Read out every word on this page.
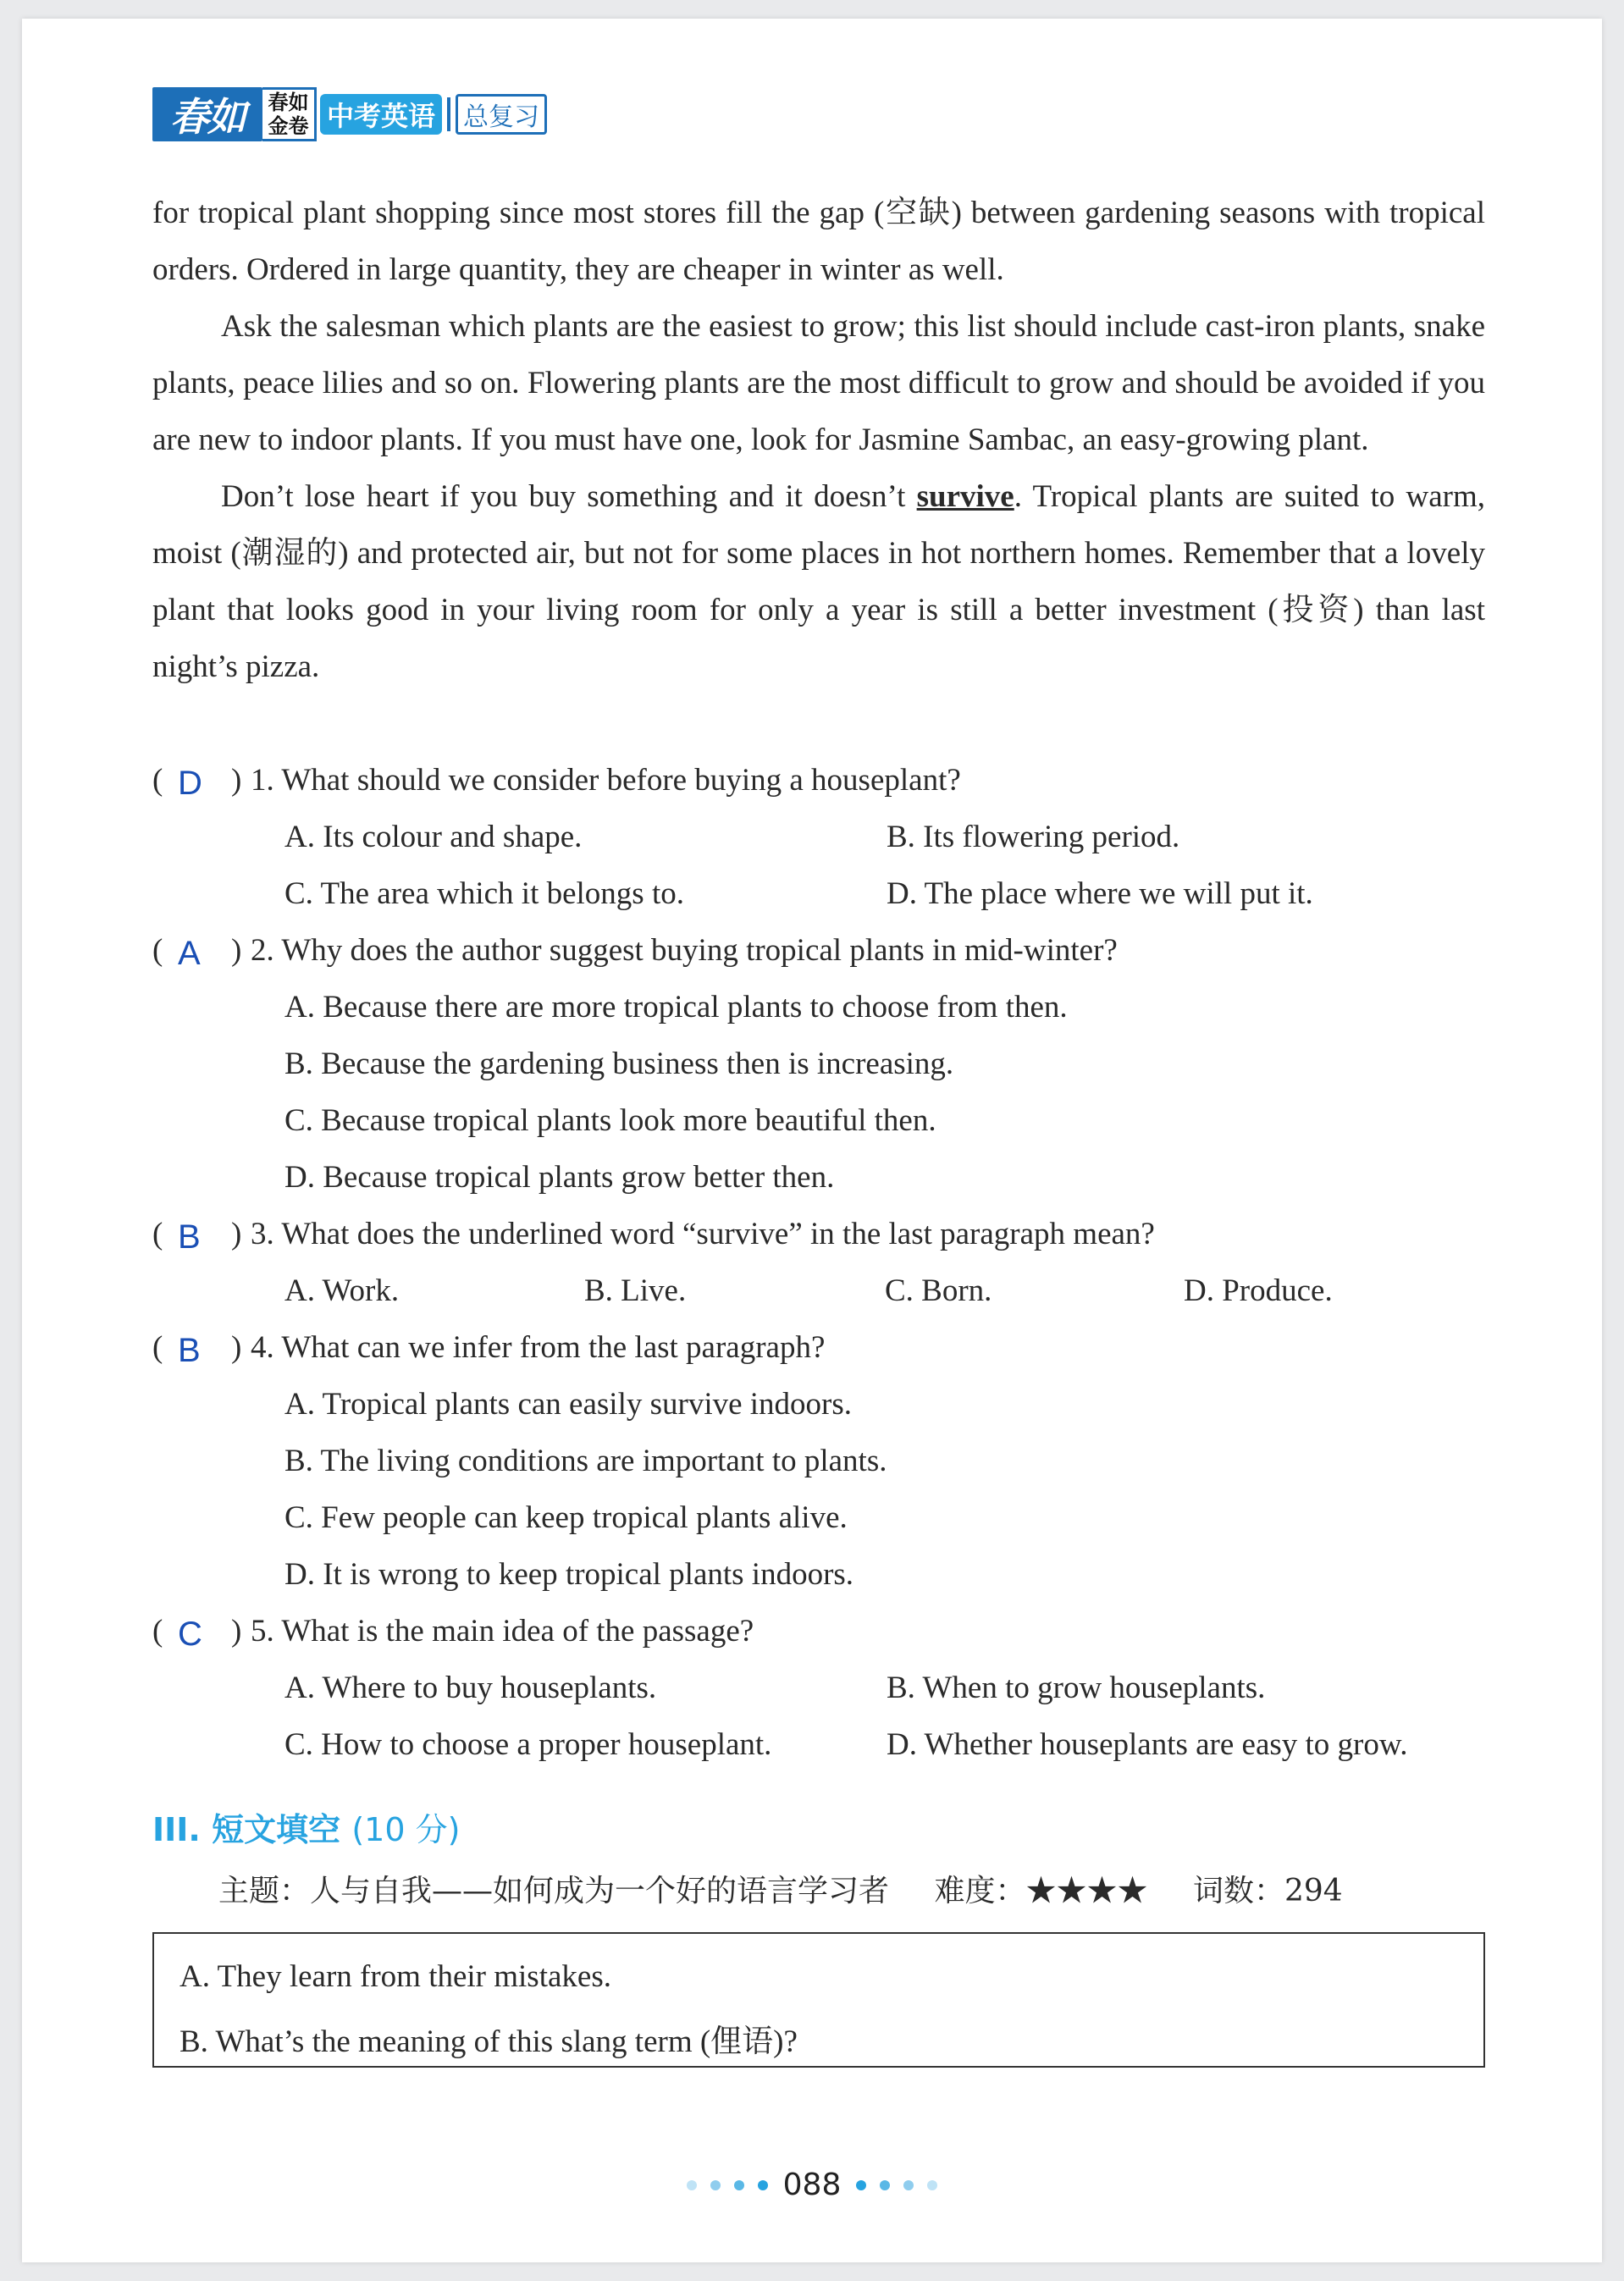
春如	春如
金卷 中考英语	总复习

for tropical plant shopping since most stores fill the gap (空缺) between gardening seasons with tropical orders. Ordered in large quantity, they are cheaper in winter as well.

Ask the salesman which plants are the easiest to grow; this list should include cast-iron plants, snake plants, peace lilies and so on. Flowering plants are the most difficult to grow and should be avoided if you are new to indoor plants. If you must have one, look for Jasmine Sambac, an easy-growing plant.

Don’t lose heart if you buy something and it doesn’t survive. Tropical plants are suited to warm, moist (潮湿的) and protected air, but not for some places in hot northern homes. Remember that a lovely plant that looks good in your living room for only a year is still a better investment (投资) than last night’s pizza.

( D ) 1. What should we consider before buying a houseplant?
A. Its colour and shape.	B. Its flowering period.
C. The area which it belongs to.	D. The place where we will put it.
( A ) 2. Why does the author suggest buying tropical plants in mid-winter?
A. Because there are more tropical plants to choose from then.
B. Because the gardening business then is increasing.
C. Because tropical plants look more beautiful then.
D. Because tropical plants grow better then.
( B ) 3. What does the underlined word “survive” in the last paragraph mean?
A. Work.	B. Live.	C. Born.	D. Produce.
( B ) 4. What can we infer from the last paragraph?
A. Tropical plants can easily survive indoors.
B. The living conditions are important to plants.
C. Few people can keep tropical plants alive.
D. It is wrong to keep tropical plants indoors.
( C ) 5. What is the main idea of the passage?
A. Where to buy houseplants.	B. When to grow houseplants.
C. How to choose a proper houseplant.	D. Whether houseplants are easy to grow.
III. 短文填空 (10 分)
主题：人与自我——如何成为一个好的语言学习者 难度：★★★★ 词数：294
A. They learn from their mistakes.
B. What’s the meaning of this slang term (俚语)?
088
